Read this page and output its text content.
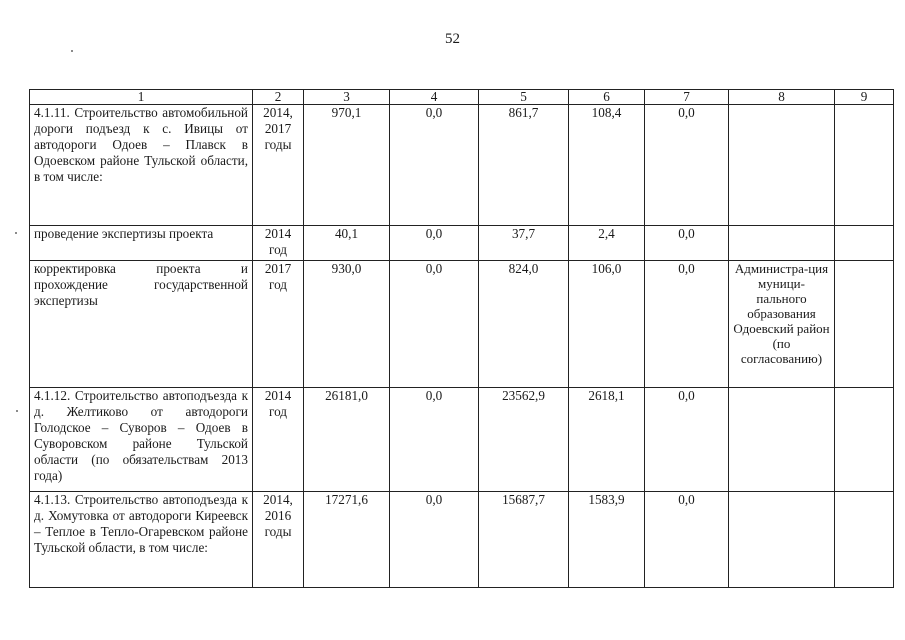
52
1	2	3	4	5	6	7	8	9
4.1.11. Строительство автомобильной дороги подъезд к с. Ивицы от автодороги Одоев – Плавск в Одоевском районе Тульской области, в том числе:	2014, 2017 годы	970,1	0,0	861,7	108,4	0,0		

проведение экспертизы проекта	2014 год	40,1	0,0	37,7	2,4	0,0		

корректировка проекта и прохождение государственной экспертизы	2017 год	930,0	0,0	824,0	106,0	0,0	Администра-ция муници-пального образования Одоевский район (по согласованию)	
4.1.12. Строительство автоподъезда к д. Желтиково от автодороги Голодское – Суворов – Одоев в Суворовском районе Тульской области (по обязательствам 2013 года)	2014 год	26181,0	0,0	23562,9	2618,1	0,0		

4.1.13. Строительство автоподъезда к д. Хомутовка от автодороги Киреевск – Теплое в Тепло-Огаревском районе Тульской области, в том числе:	2014, 2016 годы	17271,6	0,0	15687,7	1583,9	0,0		
